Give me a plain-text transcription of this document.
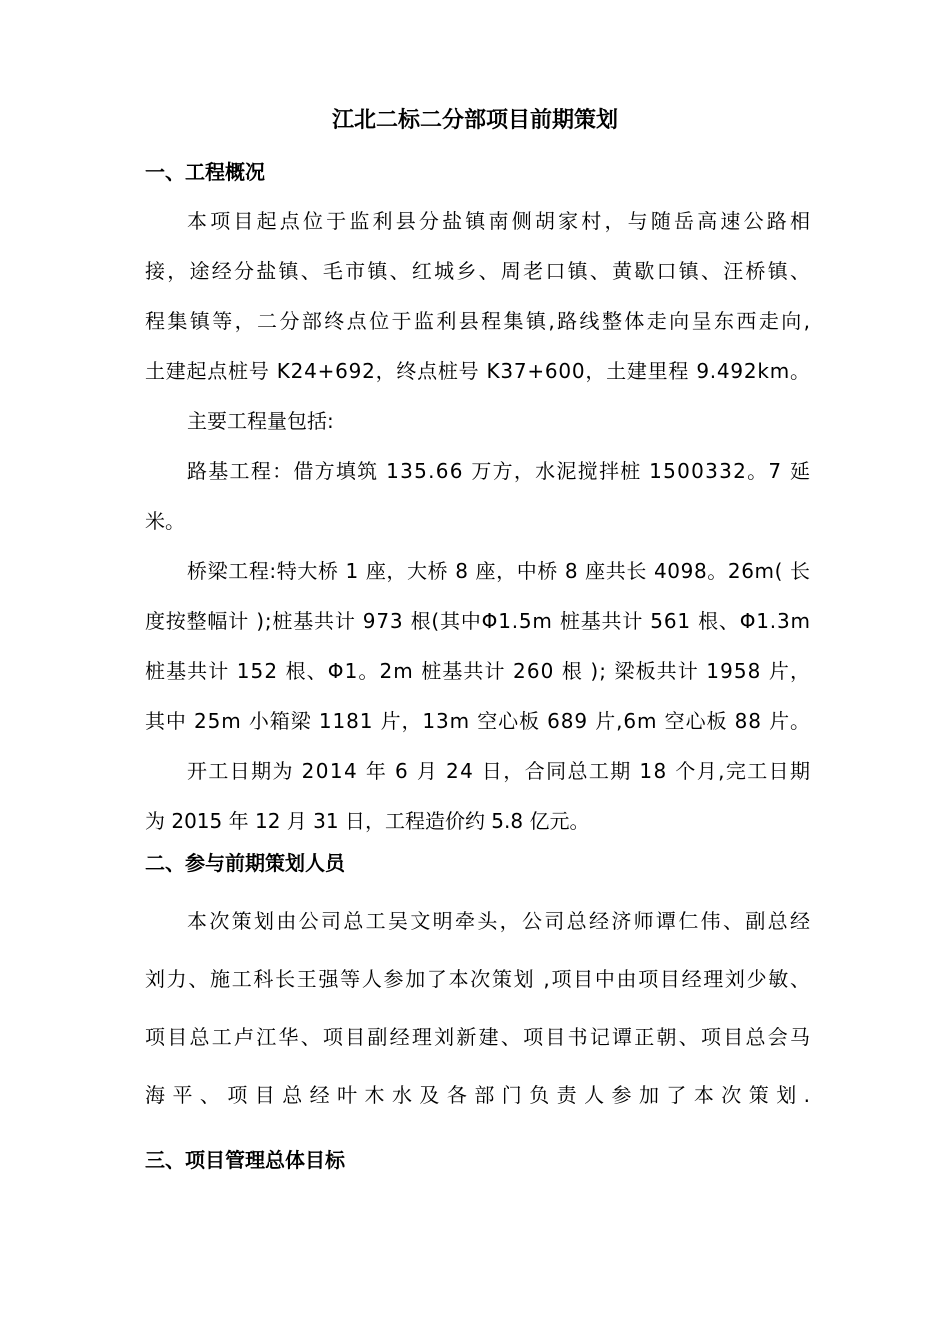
江北二标二分部项目前期策划
一、工程概况

本项目起点位于监利县分盐镇南侧胡家村，与随岳高速公路相

接，途经分盐镇、毛市镇、红城乡、周老口镇、黄歇口镇、汪桥镇、

程集镇等，二分部终点位于监利县程集镇,路线整体走向呈东西走向,

土建起点桩号 K24+692，终点桩号 K37+600，土建里程 9.492km。

主要工程量包括:

路基工程：借方填筑 135.66 万方，水泥搅拌桩 1500332。7 延

米。

桥梁工程:特大桥 1 座，大桥 8 座，中桥 8 座共长 4098。26m( 长

度按整幅计 );桩基共计 973 根(其中Φ1.5m 桩基共计 561 根、Φ1.3m

桩基共计 152 根、Φ1。2m 桩基共计 260 根 ); 梁板共计 1958 片，

其中 25m 小箱梁 1181 片，13m 空心板 689 片,6m 空心板 88 片。

开工日期为 2014 年 6 月 24 日，合同总工期 18 个月,完工日期

为 2015 年 12 月 31 日，工程造价约 5.8 亿元。

二、参与前期策划人员

本次策划由公司总工吴文明牵头，公司总经济师谭仁伟、副总经

刘力、施工科长王强等人参加了本次策划 ,项目中由项目经理刘少敏、

项目总工卢江华、项目副经理刘新建、项目书记谭正朝、项目总会马

海平、项目总经叶木水及各部门负责人参加了本次策划.

三、项目管理总体目标
